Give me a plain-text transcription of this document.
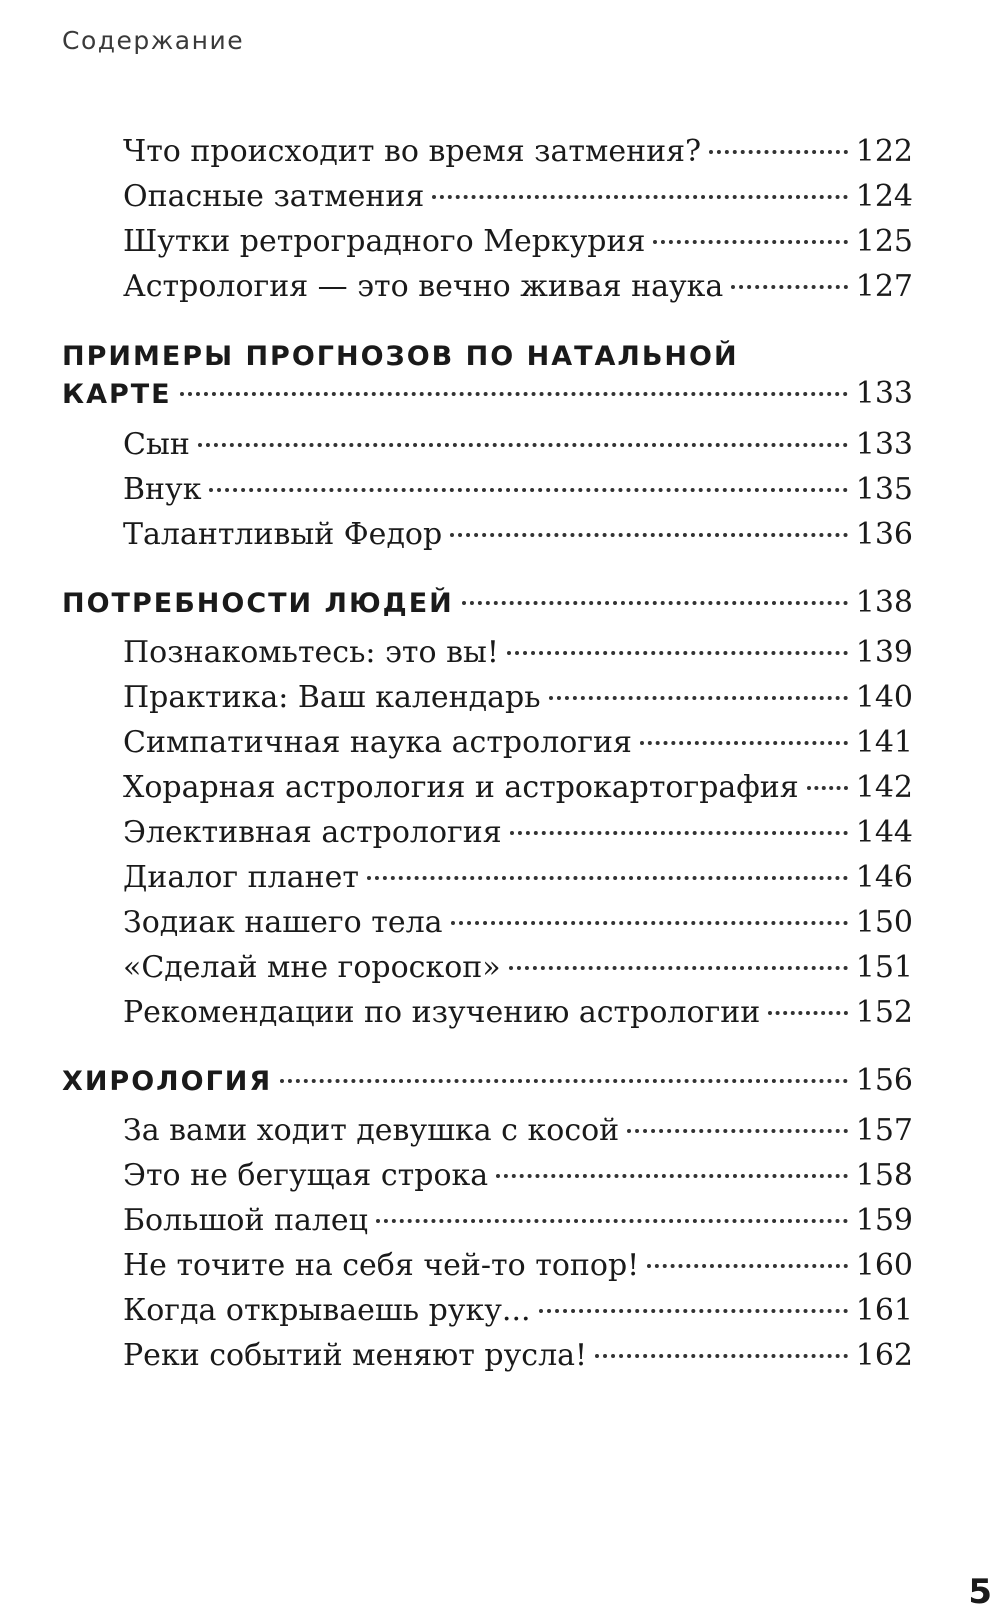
Содержание
Что происходит во время затмения?	122
Опасные затмения	124
Шутки ретроградного Меркурия	125
Астрология — это вечно живая наука	127
ПРИМЕРЫ ПРОГНОЗОВ ПО НАТАЛЬНОЙ
КАРТЕ	133
Сын	133
Внук	135
Талантливый Федор	136
ПОТРЕБНОСТИ ЛЮДЕЙ	138
Познакомьтесь: это вы!	139
Практика: Ваш календарь	140
Симпатичная наука астрология	141
Хорарная астрология и астрокартография 142
Элективная астрология	144
Диалог планет	146
Зодиак нашего тела	150
«Сделай мне гороскоп»	151
Рекомендации по изучению астрологии	152
ХИРОЛОГИЯ	156
За вами ходит девушка с косой	157
Это не бегущая строка	158
Большой палец	159
Не точите на себя чей-то топор!	160
Когда открываешь руку...	161
Реки событий меняют русла!	162
5
